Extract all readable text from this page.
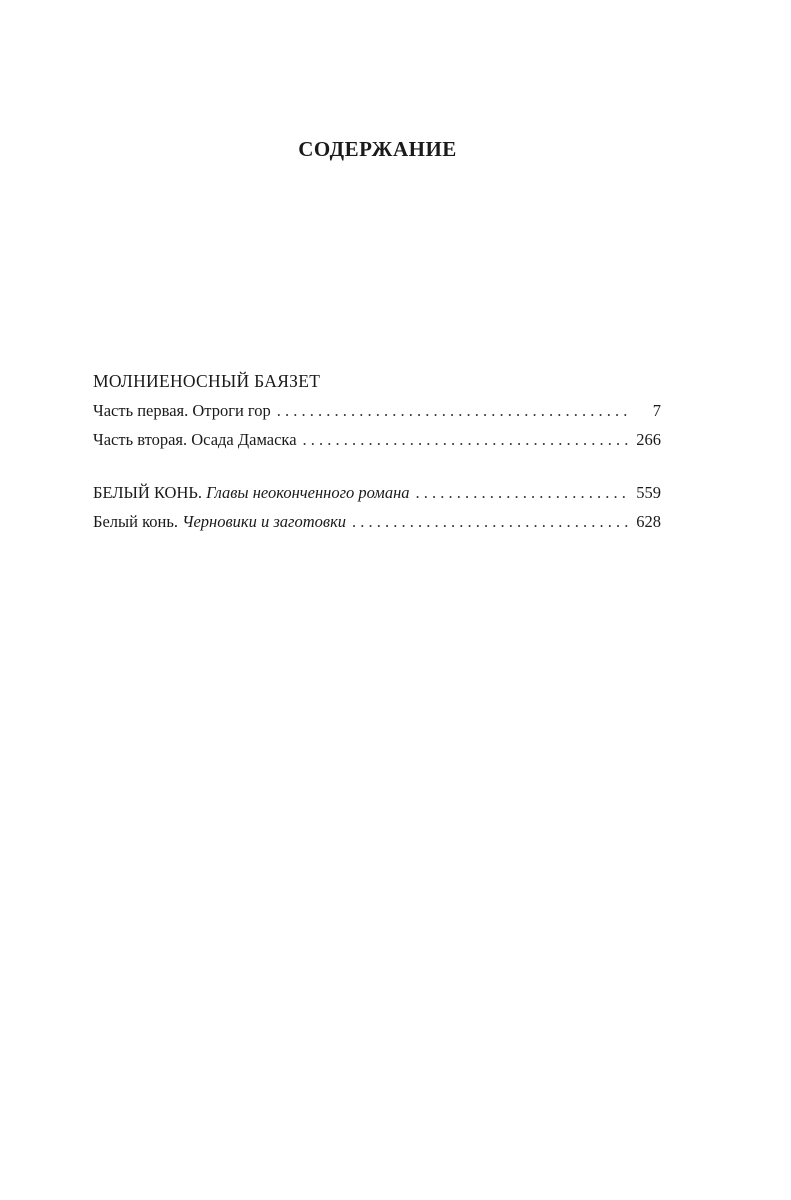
СОДЕРЖАНИЕ
МОЛНИЕНОСНЫЙ БАЯЗЕТ
Часть первая. Отроги гор . . .	7
Часть вторая. Осада Дамаска . . .	266
БЕЛЫЙ КОНЬ. Главы неоконченного романа . . .	559
Белый конь. Черновики и заготовки . . .	628
